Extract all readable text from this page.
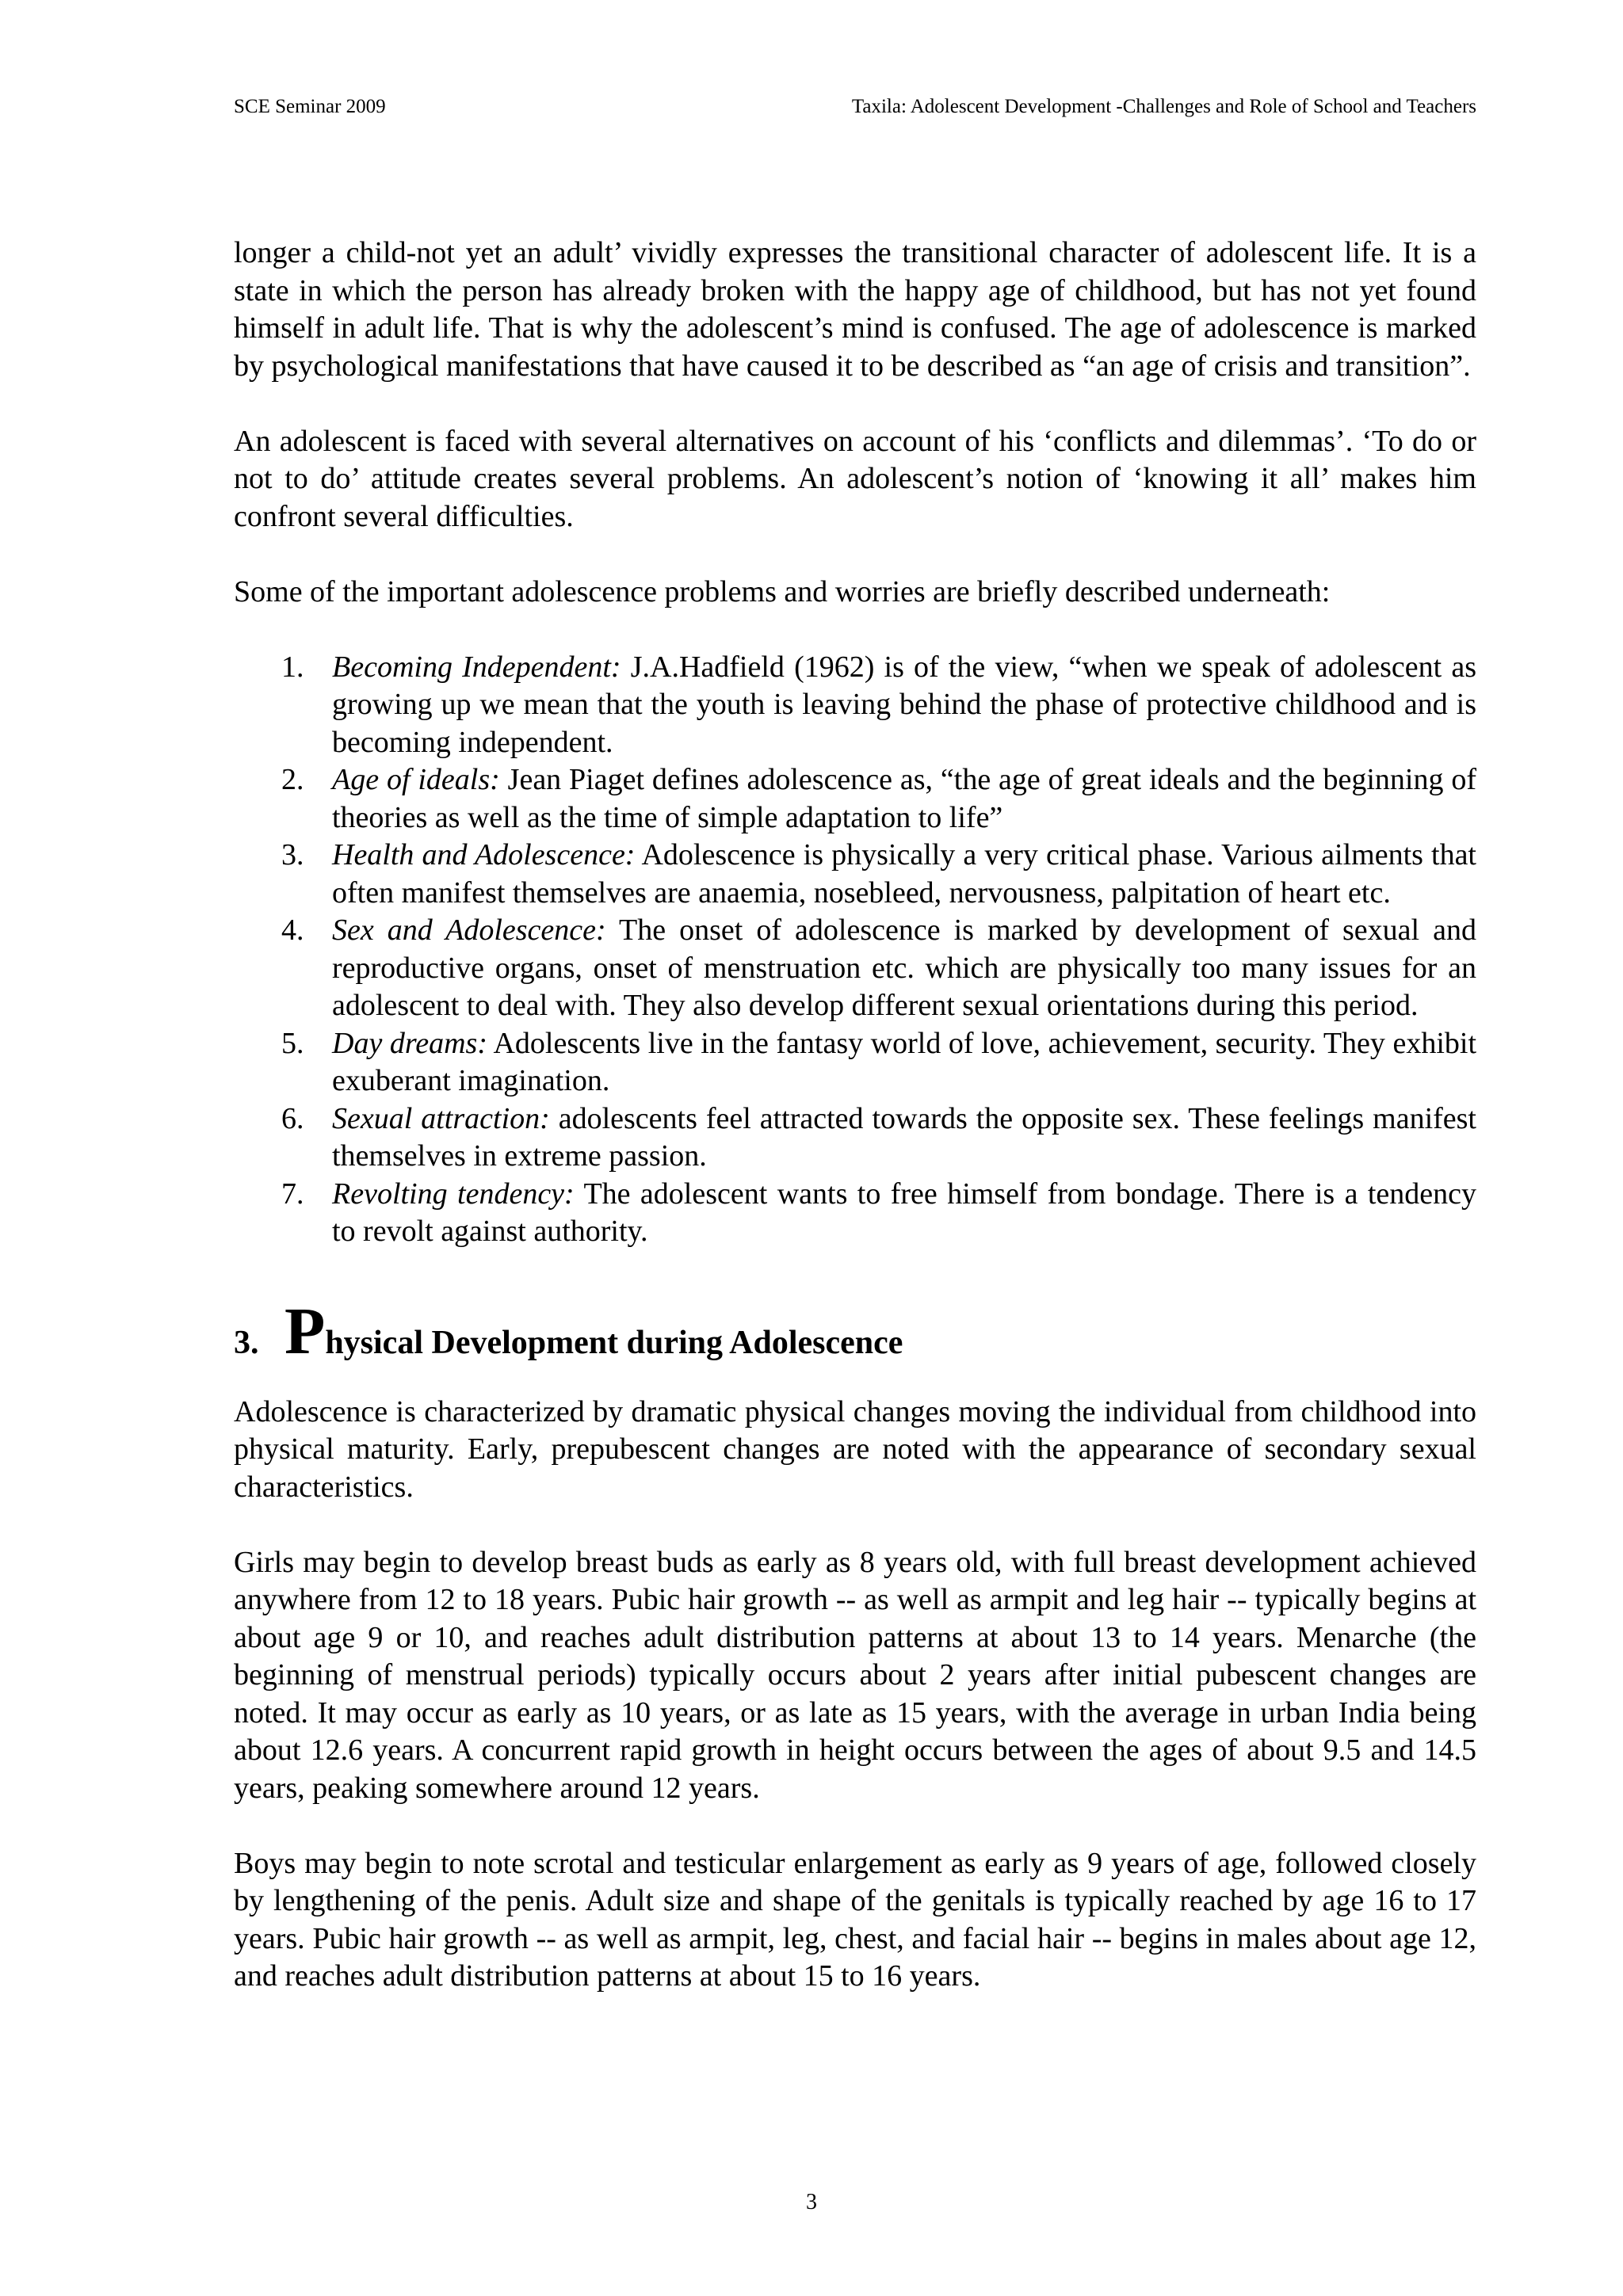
SCE Seminar 2009	Taxila: Adolescent Development -Challenges and Role of School and Teachers

longer a child-not yet an adult’ vividly expresses the transitional character of adolescent life. It is a state in which the person has already broken with the happy age of childhood, but has not yet found himself in adult life. That is why the adolescent’s mind is confused. The age of adolescence is marked by psychological manifestations that have caused it to be described as “an age of crisis and transition”.

An adolescent is faced with several alternatives on account of his ‘conflicts and dilemmas’. ‘To do or not to do’ attitude creates several problems. An adolescent’s notion of ‘knowing it all’ makes him confront several difficulties.

Some of the important adolescence problems and worries are briefly described underneath:

1. Becoming Independent: J.A.Hadfield (1962) is of the view, “when we speak of adolescent as growing up we mean that the youth is leaving behind the phase of protective childhood and is becoming independent.
2. Age of ideals: Jean Piaget defines adolescence as, “the age of great ideals and the beginning of theories as well as the time of simple adaptation to life”
3. Health and Adolescence: Adolescence is physically a very critical phase. Various ailments that often manifest themselves are anaemia, nosebleed, nervousness, palpitation of heart etc.
4. Sex and Adolescence: The onset of adolescence is marked by development of sexual and reproductive organs, onset of menstruation etc. which are physically too many issues for an adolescent to deal with. They also develop different sexual orientations during this period.
5. Day dreams: Adolescents live in the fantasy world of love, achievement, security. They exhibit exuberant imagination.
6. Sexual attraction: adolescents feel attracted towards the opposite sex. These feelings manifest themselves in extreme passion.
7. Revolting tendency: The adolescent wants to free himself from bondage. There is a tendency to revolt against authority.
3. Physical Development during Adolescence

Adolescence is characterized by dramatic physical changes moving the individual from childhood into physical maturity. Early, prepubescent changes are noted with the appearance of secondary sexual characteristics.

Girls may begin to develop breast buds as early as 8 years old, with full breast development achieved anywhere from 12 to 18 years. Pubic hair growth -- as well as armpit and leg hair -- typically begins at about age 9 or 10, and reaches adult distribution patterns at about 13 to 14 years. Menarche (the beginning of menstrual periods) typically occurs about 2 years after initial pubescent changes are noted. It may occur as early as 10 years, or as late as 15 years, with the average in urban India being about 12.6 years. A concurrent rapid growth in height occurs between the ages of about 9.5 and 14.5 years, peaking somewhere around 12 years.

Boys may begin to note scrotal and testicular enlargement as early as 9 years of age, followed closely by lengthening of the penis. Adult size and shape of the genitals is typically reached by age 16 to 17 years. Pubic hair growth -- as well as armpit, leg, chest, and facial hair -- begins in males about age 12, and reaches adult distribution patterns at about 15 to 16 years.

3
